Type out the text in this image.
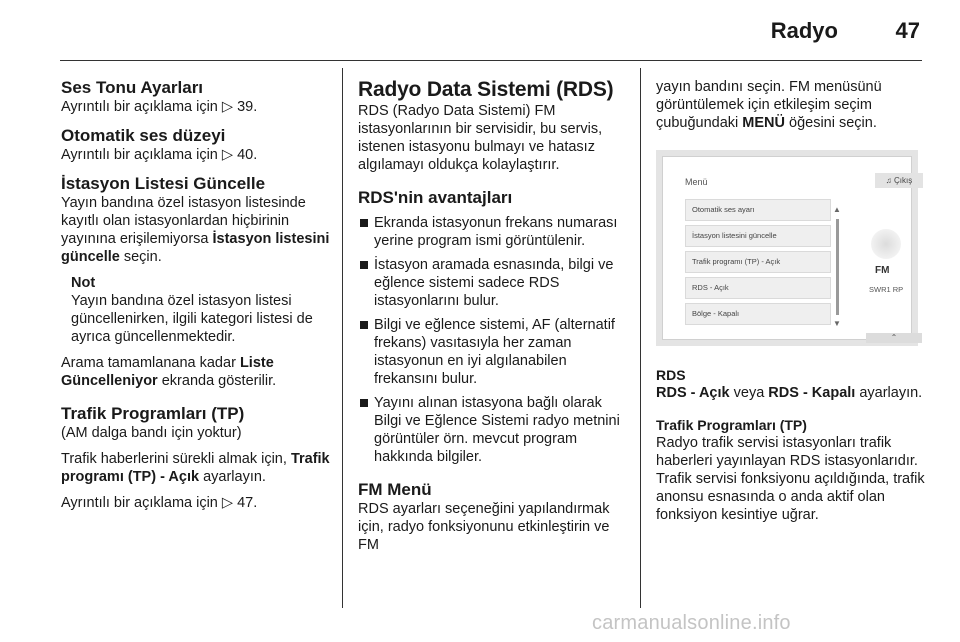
Radyo	47
Ses Tonu Ayarları
Ayrıntılı bir açıklama için ▷ 39.
Otomatik ses düzeyi
Ayrıntılı bir açıklama için ▷ 40.
İstasyon Listesi Güncelle
Yayın bandına özel istasyon listesinde kayıtlı olan istasyonlardan hiçbirinin yayınına erişilemiyorsa İstasyon listesini güncelle seçin.
Not
Yayın bandına özel istasyon listesi güncellenirken, ilgili kategori listesi de ayrıca güncellenmektedir.
Arama tamamlanana kadar Liste Güncelleniyor ekranda gösterilir.
Trafik Programları (TP)
(AM dalga bandı için yoktur)
Trafik haberlerini sürekli almak için, Trafik programı (TP) - Açık ayarlayın.
Ayrıntılı bir açıklama için ▷ 47.
Radyo Data Sistemi (RDS)
RDS (Radyo Data Sistemi) FM istasyonlarının bir servisidir, bu servis, istenen istasyonu bulmayı ve hatasız algılamayı oldukça kolaylaştırır.
RDS'nin avantajları
Ekranda istasyonun frekans numarası yerine program ismi görüntülenir.
İstasyon aramada esnasında, bilgi ve eğlence sistemi sadece RDS istasyonlarını bulur.
Bilgi ve eğlence sistemi, AF (alternatif frekans) vasıtasıyla her zaman istasyonun en iyi algılanabilen frekansını bulur.
Yayını alınan istasyona bağlı olarak Bilgi ve Eğlence Sistemi radyo metnini görüntüler örn. mevcut program hakkında bilgiler.
FM Menü
RDS ayarları seçeneğini yapılandırmak için, radyo fonksiyonunu etkinleştirin ve FM
yayın bandını seçin. FM menüsünü görüntülemek için etkileşim seçim çubuğundaki MENÜ öğesini seçin.
Menü	♫ Çıkış
Otomatik ses ayarı
İstasyon listesini güncelle
Trafik programı (TP) - Açık
RDS - Açık
Bölge - Kapalı
▲
▼
FM
SWR1 RP
⌃
RDS
RDS - Açık veya RDS - Kapalı ayarlayın.
Trafik Programları (TP)
Radyo trafik servisi istasyonları trafik haberleri yayınlayan RDS istasyonlarıdır. Trafik servisi fonksiyonu açıldığında, trafik anonsu esnasında o anda aktif olan fonksiyon kesintiye uğrar.
carmanualsonline.info
